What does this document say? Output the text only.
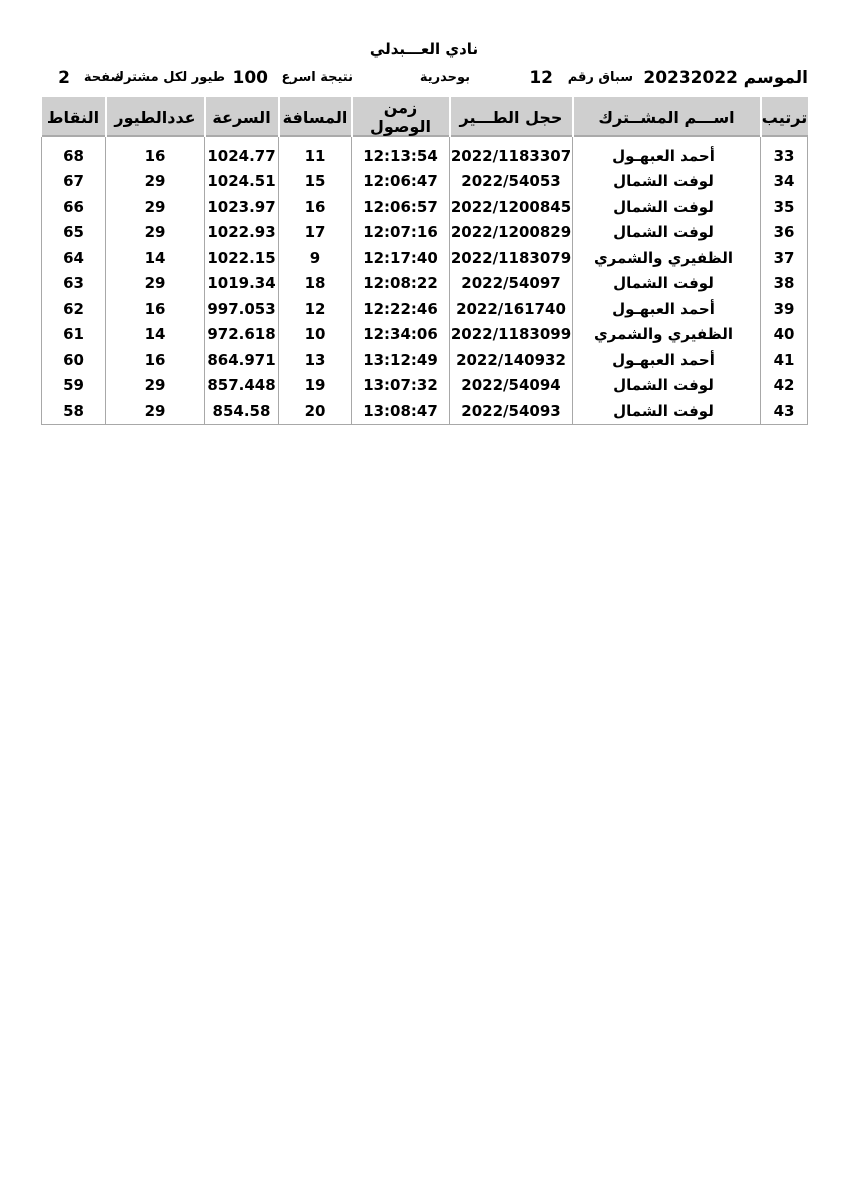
نادي العـــبدلي
الموسم
20232022
سباق رقم
12
بوحدرية
نتيجة اسرع
100
طيور لكل مشترك
صفحة
2
ترتيب	اســـم المشــترك	حجل الطـــير	زمن الوصول	المسافة	السرعة	عددالطيور	النقاط
33	أحمد العبهـول	2022/1183307	12:13:54	11	1024.77	16	68
34	لوفت الشمال	2022/54053	12:06:47	15	1024.51	29	67
35	لوفت الشمال	2022/1200845	12:06:57	16	1023.97	29	66
36	لوفت الشمال	2022/1200829	12:07:16	17	1022.93	29	65
37	الظفيري والشمري	2022/1183079	12:17:40	9	1022.15	14	64
38	لوفت الشمال	2022/54097	12:08:22	18	1019.34	29	63
39	أحمد العبهـول	2022/161740	12:22:46	12	997.053	16	62
40	الظفيري والشمري	2022/1183099	12:34:06	10	972.618	14	61
41	أحمد العبهـول	2022/140932	13:12:49	13	864.971	16	60
42	لوفت الشمال	2022/54094	13:07:32	19	857.448	29	59
43	لوفت الشمال	2022/54093	13:08:47	20	854.58	29	58
